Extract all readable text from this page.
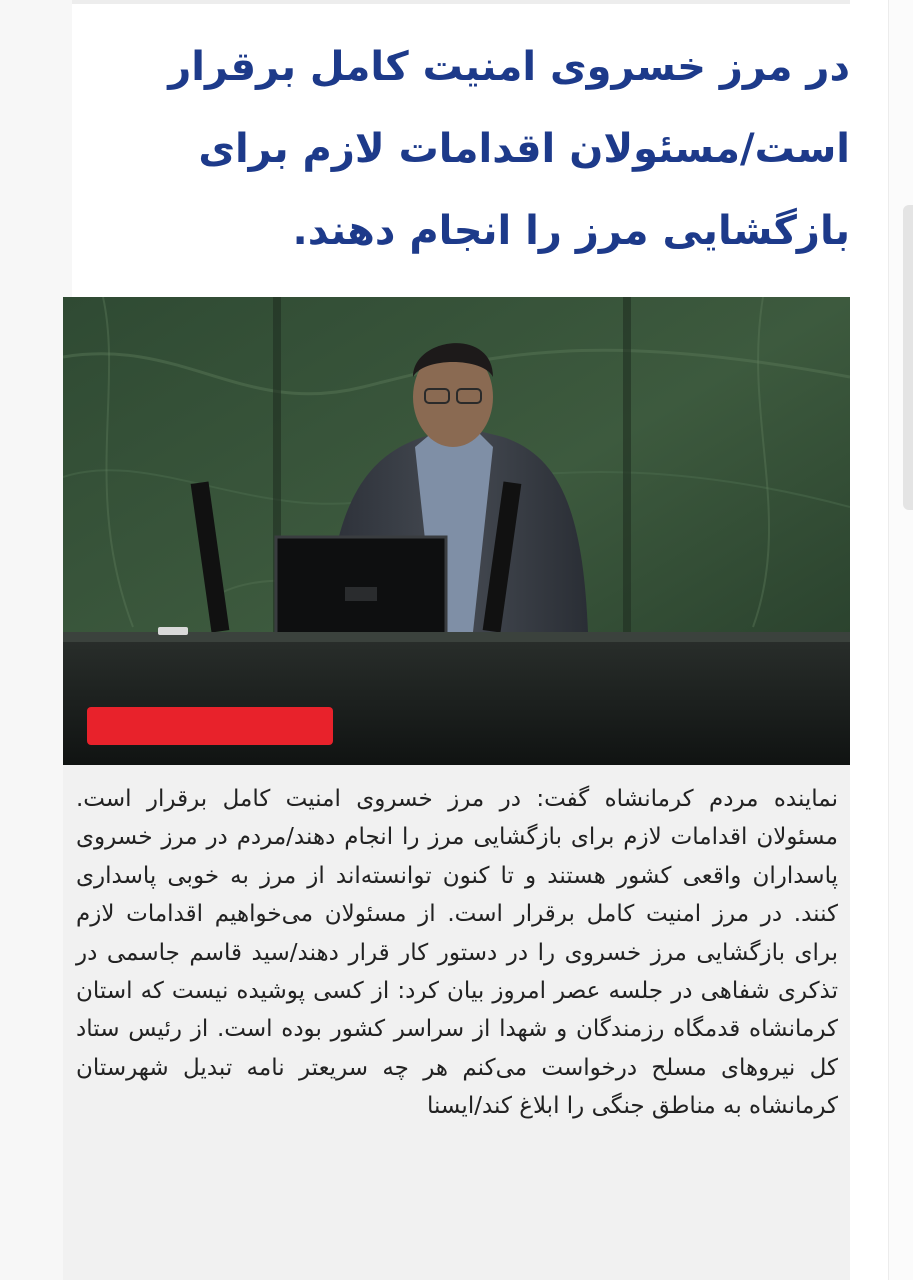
در مرز خسروی امنیت کامل برقرار است/مسئولان اقدامات لازم برای بازگشایی مرز را انجام دهند.

نماینده مردم کرمانشاه گفت: در مرز خسروی امنیت کامل برقرار است. مسئولان اقدامات لازم برای بازگشایی مرز را انجام دهند/مردم در مرز خسروی پاسداران واقعی کشور هستند و تا کنون توانسته‌اند از مرز به خوبی پاسداری کنند. در مرز امنیت کامل برقرار است. از مسئولان می‌خواهیم اقدامات لازم برای بازگشایی مرز خسروی را در دستور کار قرار دهند/سید قاسم جاسمی در تذکری شفاهی در جلسه عصر امروز بیان کرد: از کسی پوشیده نیست که استان کرمانشاه قدمگاه رزمندگان و شهدا از سراسر کشور بوده است. از رئیس ستاد کل نیروهای مسلح درخواست می‌کنم هر چه سریعتر نامه تبدیل شهرستان کرمانشاه به مناطق جنگی را ابلاغ کند/ایسنا
